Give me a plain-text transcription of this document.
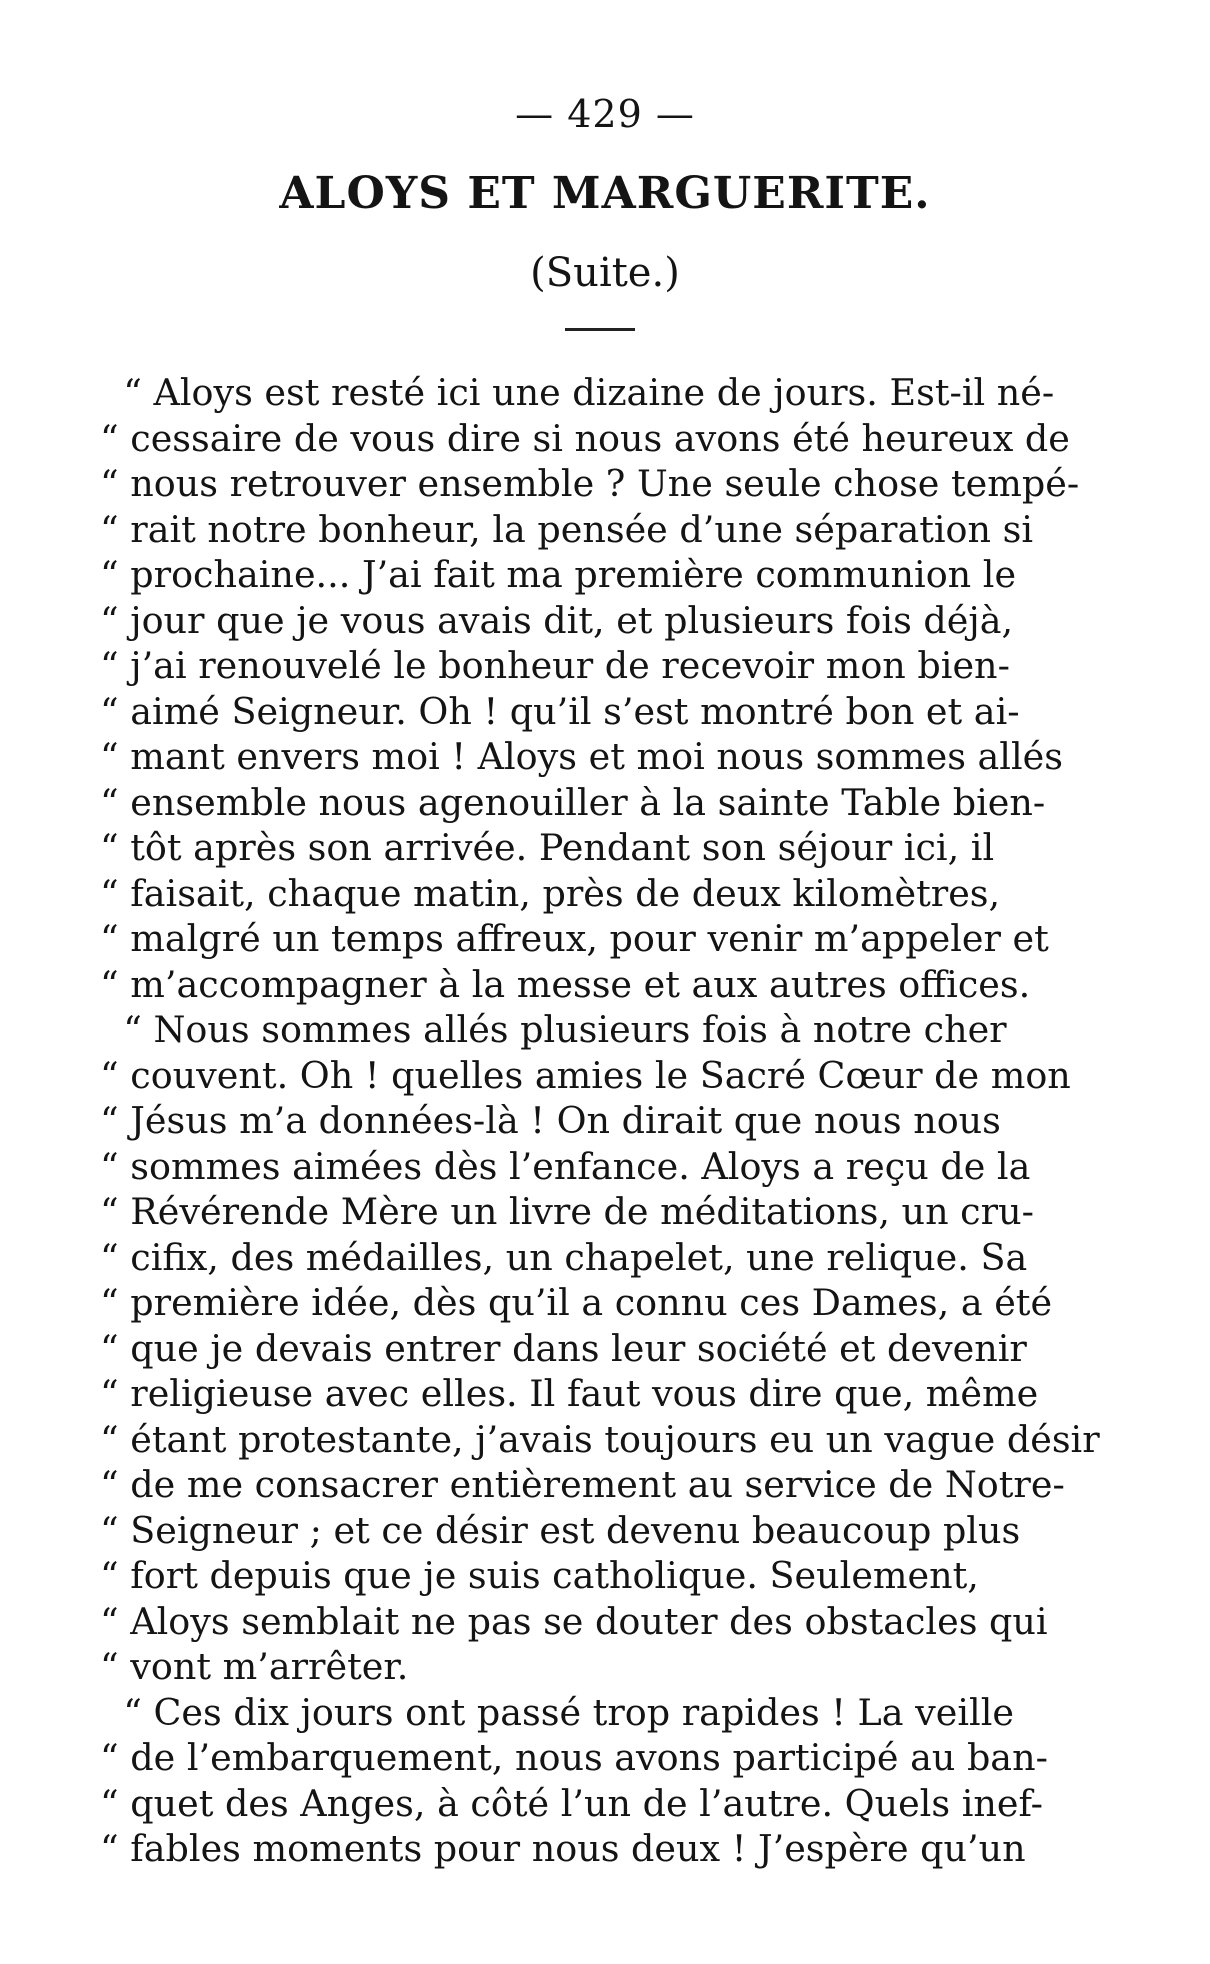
— 429 —
ALOYS ET MARGUERITE.
(Suite.)
“ Aloys est resté ici une dizaine de jours. Est-il né-
“ cessaire de vous dire si nous avons été heureux de
“ nous retrouver ensemble ? Une seule chose tempé-
“ rait notre bonheur, la pensée d’une séparation si
“ prochaine... J’ai fait ma première communion le
“ jour que je vous avais dit, et plusieurs fois déjà,
“ j’ai renouvelé le bonheur de recevoir mon bien-
“ aimé Seigneur. Oh ! qu’il s’est montré bon et ai-
“ mant envers moi ! Aloys et moi nous sommes allés
“ ensemble nous agenouiller à la sainte Table bien-
“ tôt après son arrivée. Pendant son séjour ici, il
“ faisait, chaque matin, près de deux kilomètres,
“ malgré un temps affreux, pour venir m’appeler et
“ m’accompagner à la messe et aux autres offices.
“ Nous sommes allés plusieurs fois à notre cher
“ couvent. Oh ! quelles amies le Sacré Cœur de mon
“ Jésus m’a données-là ! On dirait que nous nous
“ sommes aimées dès l’enfance. Aloys a reçu de la
“ Révérende Mère un livre de méditations, un cru-
“ cifix, des médailles, un chapelet, une relique. Sa
“ première idée, dès qu’il a connu ces Dames, a été
“ que je devais entrer dans leur société et devenir
“ religieuse avec elles. Il faut vous dire que, même
“ étant protestante, j’avais toujours eu un vague désir
“ de me consacrer entièrement au service de Notre-
“ Seigneur ; et ce désir est devenu beaucoup plus
“ fort depuis que je suis catholique. Seulement,
“ Aloys semblait ne pas se douter des obstacles qui
“ vont m’arrêter.
“ Ces dix jours ont passé trop rapides ! La veille
“ de l’embarquement, nous avons participé au ban-
“ quet des Anges, à côté l’un de l’autre. Quels inef-
“ fables moments pour nous deux ! J’espère qu’un
